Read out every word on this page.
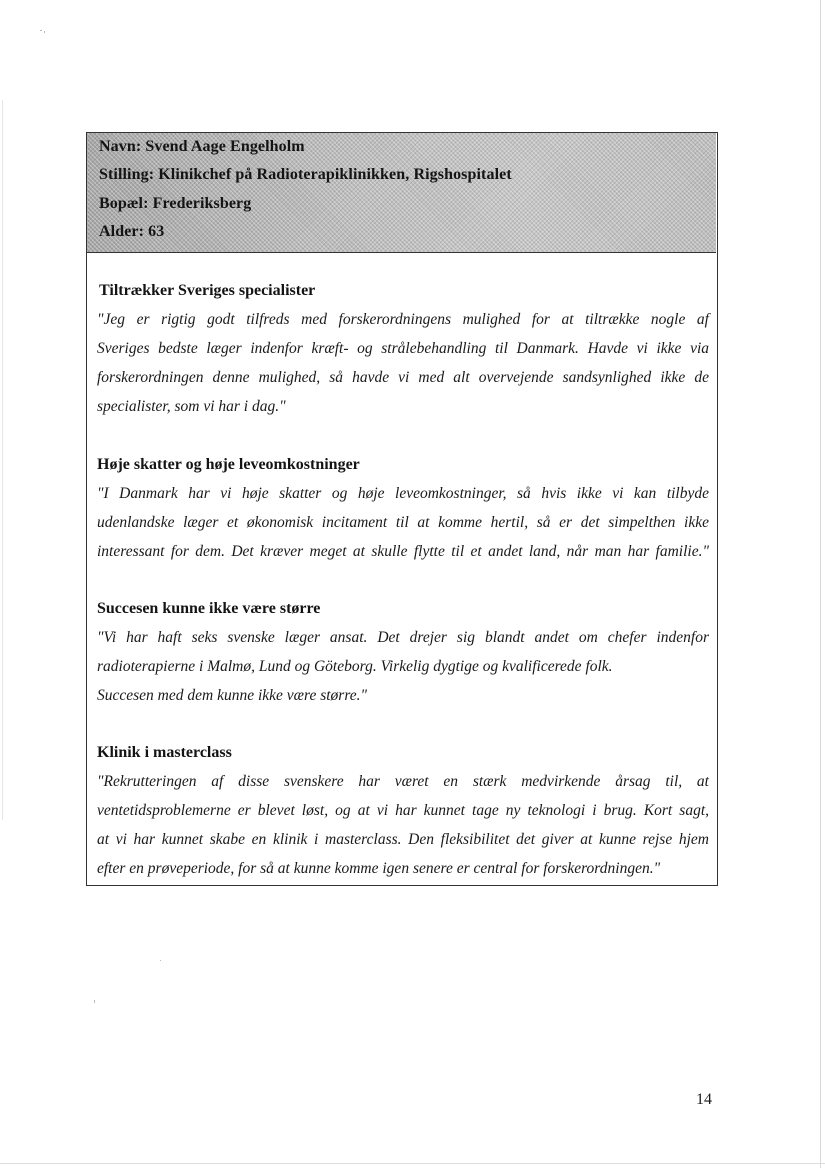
Navn: Svend Aage Engelholm
Stilling: Klinikchef på Radioterapiklinikken, Rigshospitalet
Bopæl: Frederiksberg
Alder: 63
Tiltrækker Sveriges specialister
"Jeg er rigtig godt tilfreds med forskerordningens mulighed for at tiltrække nogle af
Sveriges bedste læger indenfor kræft- og strålebehandling til Danmark. Havde vi ikke via
forskerordningen denne mulighed, så havde vi med alt overvejende sandsynlighed ikke de
specialister, som vi har i dag."
Høje skatter og høje leveomkostninger
"I Danmark har vi høje skatter og høje leveomkostninger, så hvis ikke vi kan tilbyde
udenlandske læger et økonomisk incitament til at komme hertil, så er det simpelthen ikke
interessant for dem. Det kræver meget at skulle flytte til et andet land, når man har familie."
Succesen kunne ikke være større
"Vi har haft seks svenske læger ansat. Det drejer sig blandt andet om chefer indenfor
radioterapierne i Malmø, Lund og Göteborg. Virkelig dygtige og kvalificerede folk.
Succesen med dem kunne ikke være større."
Klinik i masterclass
"Rekrutteringen af disse svenskere har været en stærk medvirkende årsag til, at
ventetidsproblemerne er blevet løst, og at vi har kunnet tage ny teknologi i brug. Kort sagt,
at vi har kunnet skabe en klinik i masterclass. Den fleksibilitet det giver at kunne rejse hjem
efter en prøveperiode, for så at kunne komme igen senere er central for forskerordningen."
14
